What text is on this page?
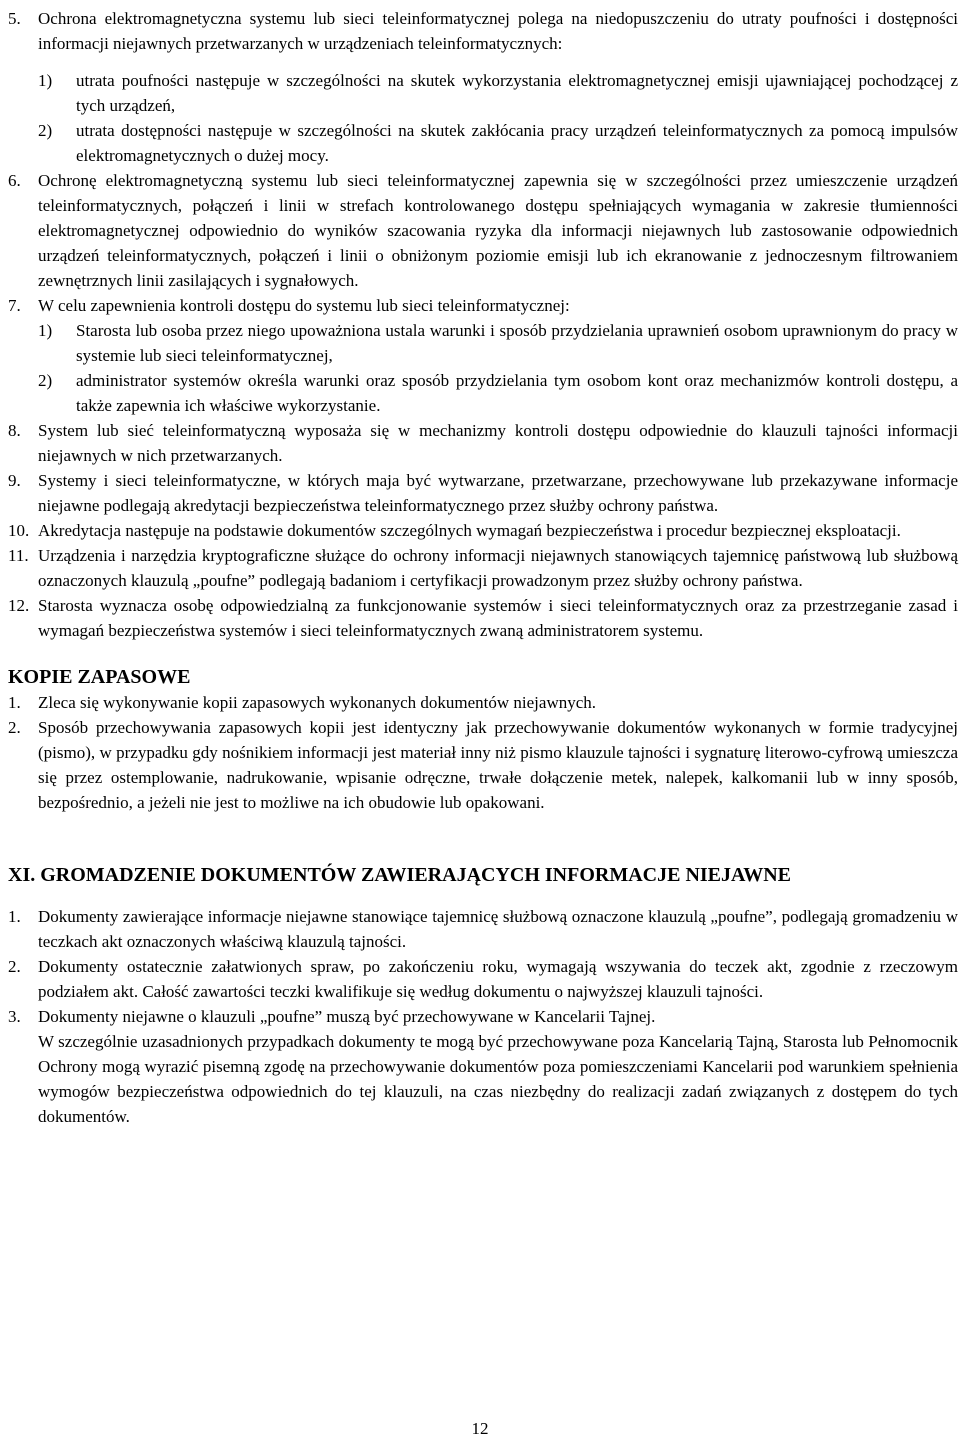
5.	Ochrona elektromagnetyczna systemu lub sieci teleinformatycznej polega na niedopuszczeniu do utraty poufności i dostępności informacji niejawnych przetwarzanych w urządzeniach teleinformatycznych:
1)	utrata poufności następuje w szczególności na skutek wykorzystania elektromagnetycznej emisji ujawniającej pochodzącej z tych urządzeń,
2)	utrata dostępności następuje w szczególności na skutek zakłócania pracy urządzeń teleinformatycznych za pomocą impulsów elektromagnetycznych o dużej mocy.
6.	Ochronę elektromagnetyczną systemu lub sieci teleinformatycznej zapewnia się w szczególności przez umieszczenie urządzeń teleinformatycznych, połączeń i linii w strefach kontrolowanego dostępu spełniających wymagania w zakresie tłumienności elektromagnetycznej odpowiednio do wyników szacowania ryzyka dla informacji niejawnych lub zastosowanie odpowiednich urządzeń teleinformatycznych, połączeń i linii o obniżonym poziomie emisji lub ich ekranowanie z jednoczesnym filtrowaniem zewnętrznych linii zasilających i sygnałowych.
7.	W celu zapewnienia kontroli dostępu do systemu lub sieci teleinformatycznej:
1)	Starosta lub osoba przez niego upoważniona ustala warunki i sposób przydzielania uprawnień osobom uprawnionym do pracy w systemie lub sieci teleinformatycznej,
2)	administrator systemów określa warunki oraz sposób przydzielania tym osobom kont oraz mechanizmów kontroli dostępu, a także zapewnia ich właściwe wykorzystanie.
8.	System lub sieć teleinformatyczną wyposaża się w mechanizmy kontroli dostępu odpowiednie do klauzuli tajności informacji niejawnych w nich przetwarzanych.
9.	Systemy i sieci teleinformatyczne, w których maja być wytwarzane, przetwarzane, przechowywane lub przekazywane informacje niejawne podlegają akredytacji bezpieczeństwa teleinformatycznego przez służby ochrony państwa.
10. Akredytacja następuje na podstawie dokumentów szczególnych wymagań bezpieczeństwa i procedur bezpiecznej eksploatacji.
11. Urządzenia i narzędzia kryptograficzne służące do ochrony informacji niejawnych stanowiących tajemnicę państwową lub służbową oznaczonych klauzulą „poufne” podlegają badaniom i certyfikacji prowadzonym przez służby ochrony państwa.
12. Starosta wyznacza osobę odpowiedzialną za funkcjonowanie systemów i sieci teleinformatycznych oraz za przestrzeganie zasad i wymagań bezpieczeństwa systemów i sieci teleinformatycznych zwaną administratorem systemu.
KOPIE ZAPASOWE
1.	Zleca się wykonywanie kopii zapasowych wykonanych dokumentów niejawnych.
2.	Sposób przechowywania zapasowych kopii jest identyczny jak przechowywanie dokumentów wykonanych w formie tradycyjnej (pismo), w przypadku gdy nośnikiem informacji jest materiał inny niż pismo klauzule tajności i sygnaturę literowo-cyfrową umieszcza się przez ostemplowanie, nadrukowanie, wpisanie odręczne, trwałe dołączenie metek, nalepek, kalkomanii lub w inny sposób, bezpośrednio, a jeżeli nie jest to możliwe na ich obudowie lub opakowani.
XI. GROMADZENIE DOKUMENTÓW ZAWIERAJĄCYCH INFORMACJE NIEJAWNE
1.	Dokumenty zawierające informacje niejawne stanowiące tajemnicę służbową oznaczone klauzulą „poufne”, podlegają gromadzeniu w teczkach akt oznaczonych właściwą klauzulą tajności.
2.	Dokumenty ostatecznie załatwionych spraw, po zakończeniu roku, wymagają wszywania do teczek akt, zgodnie z rzeczowym podziałem akt. Całość zawartości teczki kwalifikuje się według dokumentu o najwyższej klauzuli tajności.
3.	Dokumenty niejawne o klauzuli „poufne” muszą być przechowywane w Kancelarii Tajnej.
W szczególnie uzasadnionych przypadkach dokumenty te mogą być przechowywane poza Kancelarią Tajną, Starosta lub Pełnomocnik Ochrony mogą wyrazić pisemną zgodę na przechowywanie dokumentów poza pomieszczeniami Kancelarii pod warunkiem spełnienia wymogów bezpieczeństwa odpowiednich do tej klauzuli, na czas niezbędny do realizacji zadań związanych z dostępem do tych dokumentów.
12
